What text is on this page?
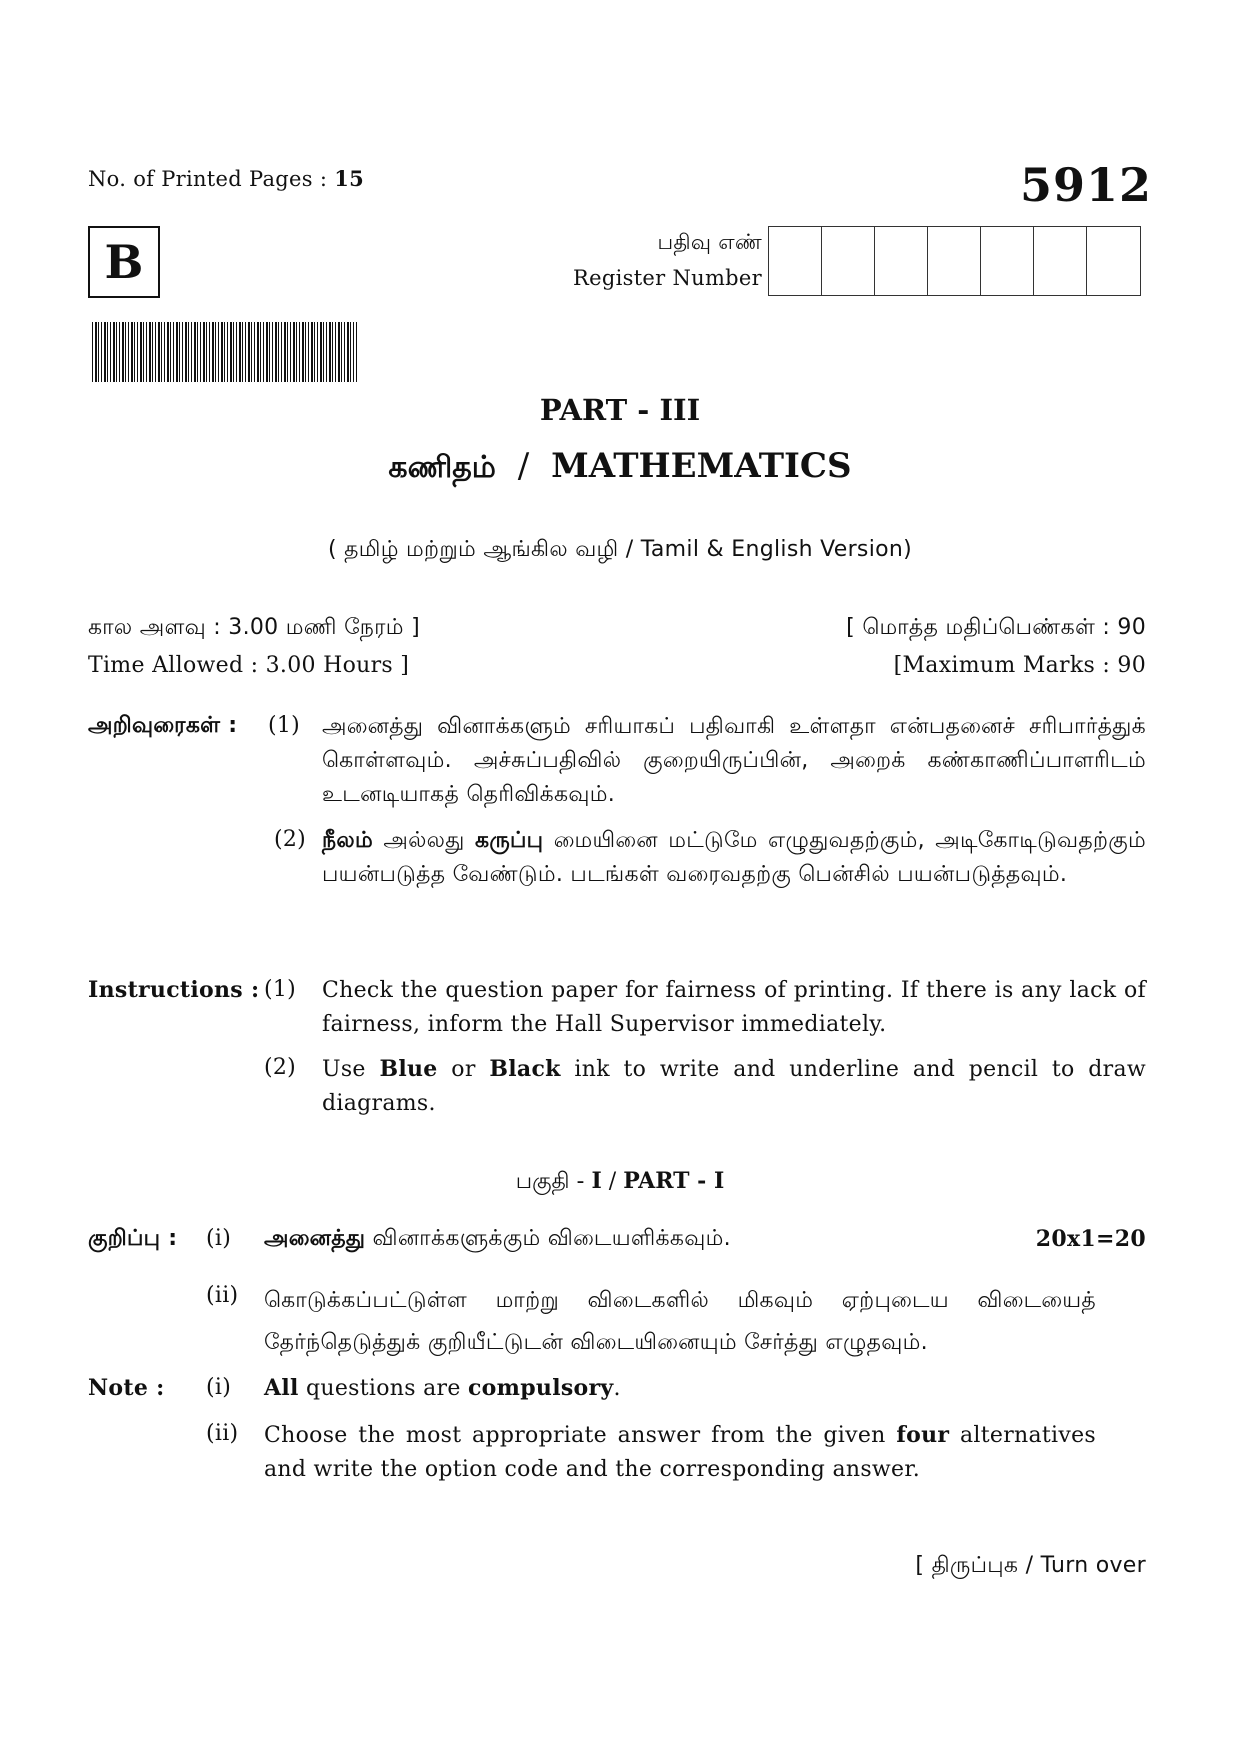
No. of Printed Pages : 15	5912
B	பதிவு எண்
Register Number
PART - III
கணிதம் / MATHEMATICS
( தமிழ் மற்றும் ஆங்கில வழி / Tamil & English Version)
கால அளவு : 3.00 மணி நேரம் ]
Time Allowed : 3.00 Hours ]
[ மொத்த மதிப்பெண்கள் : 90
[Maximum Marks : 90
அறிவுரைகள் : (1) அனைத்து வினாக்களும் சரியாகப் பதிவாகி உள்ளதா என்பதனைச் சரிபார்த்துக் கொள்ளவும். அச்சுப்பதிவில் குறையிருப்பின், அறைக் கண்காணிப்பாளரிடம் உடனடியாகத் தெரிவிக்கவும்.
(2) நீலம் அல்லது கருப்பு மையினை மட்டுமே எழுதுவதற்கும், அடிகோடிடுவதற்கும் பயன்படுத்த வேண்டும். படங்கள் வரைவதற்கு பென்சில் பயன்படுத்தவும்.
Instructions : (1) Check the question paper for fairness of printing. If there is any lack of fairness, inform the Hall Supervisor immediately.
(2) Use Blue or Black ink to write and underline and pencil to draw diagrams.
பகுதி - I / PART - I
குறிப்பு : (i) அனைத்து வினாக்களுக்கும் விடையளிக்கவும்.	20x1=20
(ii) கொடுக்கப்பட்டுள்ள மாற்று விடைகளில் மிகவும் ஏற்புடைய விடையைத் தேர்ந்தெடுத்துக் குறியீட்டுடன் விடையினையும் சேர்த்து எழுதவும்.
Note : (i) All questions are compulsory.
(ii) Choose the most appropriate answer from the given four alternatives and write the option code and the corresponding answer.
[ திருப்புக / Turn over
